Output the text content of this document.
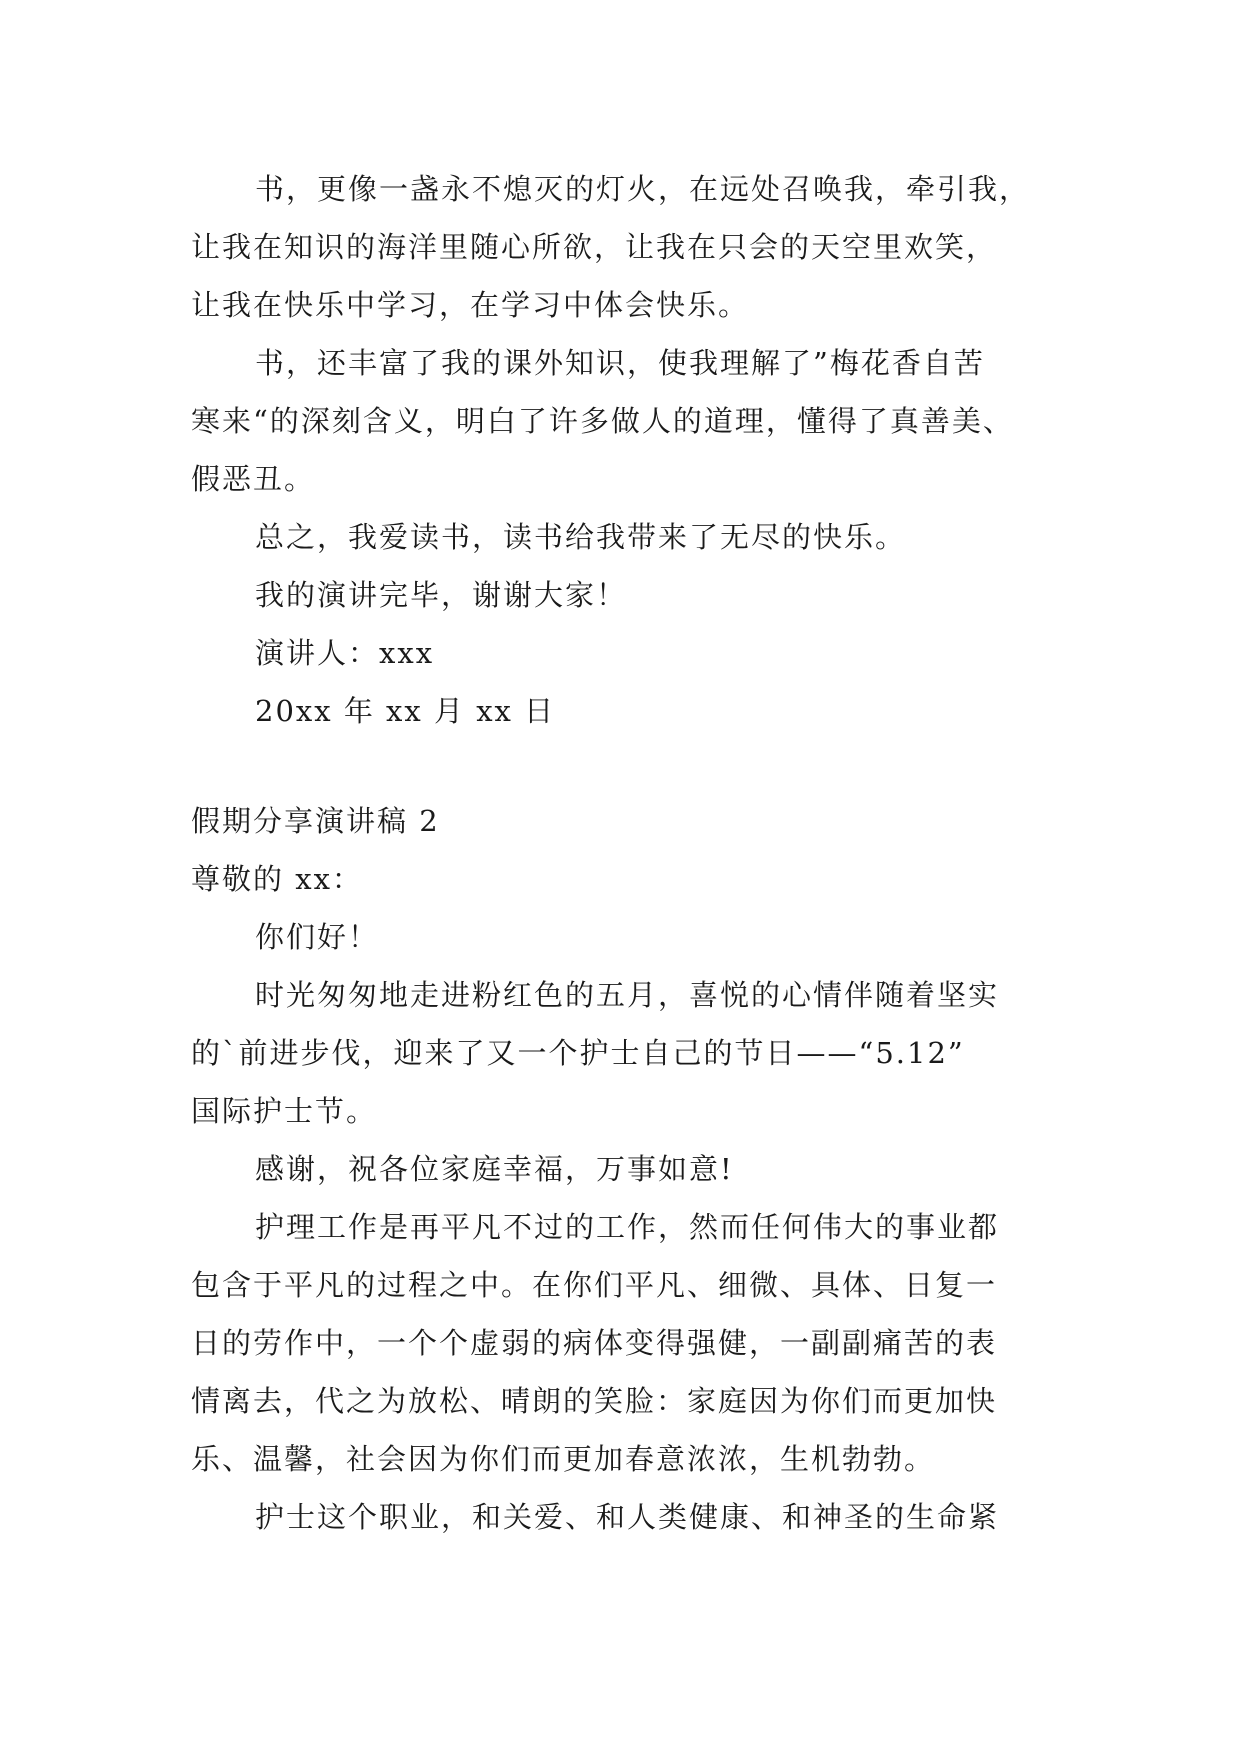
书，更像一盏永不熄灭的灯火，在远处召唤我，牵引我，
让我在知识的海洋里随心所欲，让我在只会的天空里欢笑，
让我在快乐中学习，在学习中体会快乐。
书，还丰富了我的课外知识，使我理解了”梅花香自苦
寒来“的深刻含义，明白了许多做人的道理，懂得了真善美、
假恶丑。
总之，我爱读书，读书给我带来了无尽的快乐。
我的演讲完毕，谢谢大家！
演讲人：xxx
20xx 年 xx 月 xx 日
假期分享演讲稿 2
尊敬的 xx：
你们好！
时光匆匆地走进粉红色的五月，喜悦的心情伴随着坚实
的`前进步伐，迎来了又一个护士自己的节日——“5.12”
国际护士节。
感谢，祝各位家庭幸福，万事如意!
护理工作是再平凡不过的工作，然而任何伟大的事业都
包含于平凡的过程之中。在你们平凡、细微、具体、日复一
日的劳作中，一个个虚弱的病体变得强健，一副副痛苦的表
情离去，代之为放松、晴朗的笑脸：家庭因为你们而更加快
乐、温馨，社会因为你们而更加春意浓浓，生机勃勃。
护士这个职业，和关爱、和人类健康、和神圣的生命紧
